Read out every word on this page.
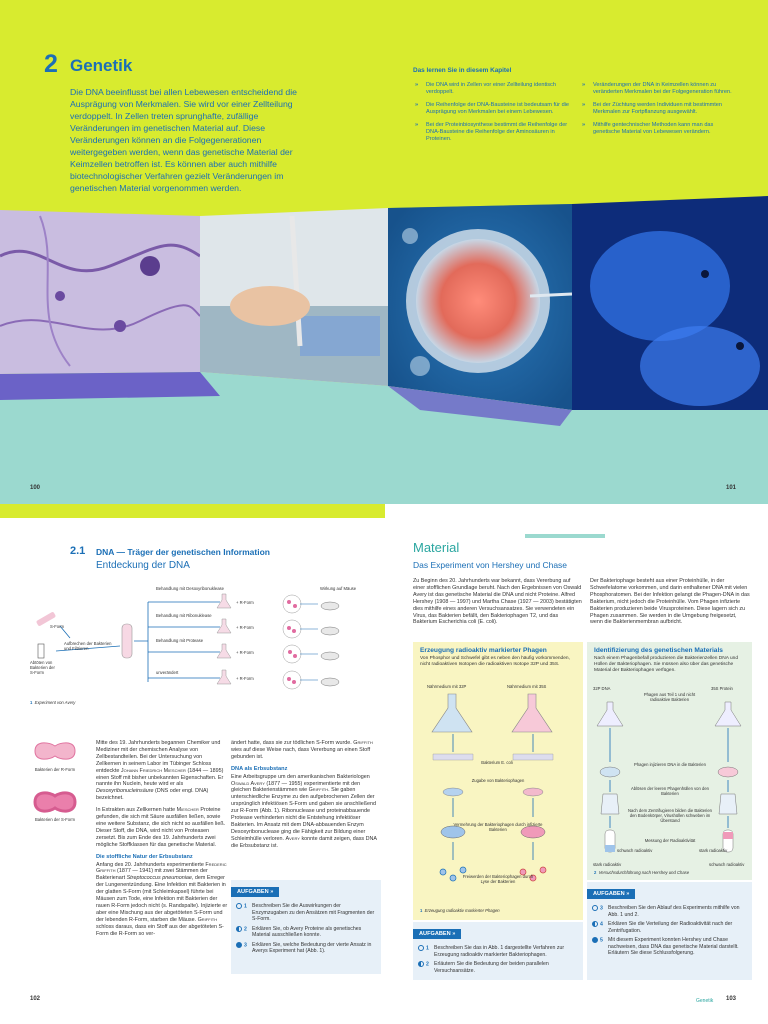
2 Genetik
Die DNA beeinflusst bei allen Lebewesen entscheidend die Ausprägung von Merkmalen. Sie wird vor einer Zellteilung verdoppelt. In Zellen treten sprunghafte, zufällige Veränderungen im genetischen Material auf. Diese Veränderungen können an die Folgegenerationen weitergegeben werden, wenn das genetische Material der Keimzellen betroffen ist. Es können aber auch mithilfe biotechnologischer Verfahren gezielt Veränderungen im genetischen Material vorgenommen werden.
Das lernen Sie in diesem Kapitel
» Die DNA wird in Zellen vor einer Zellteilung identisch verdoppelt.
» Die Reihenfolge der DNA-Bausteine ist bedeutsam für die Ausprägung von Merkmalen bei einem Lebewesen.
» Bei der Proteinbiosynthese bestimmt die Reihenfolge der DNA-Bausteine die Reihenfolge der Aminosäuren in Proteinen.
» Veränderungen der DNA in Keimzellen können zu veränderten Merkmalen bei der Folgegeneration führen.
» Bei der Züchtung werden Individuen mit bestimmten Merkmalen zur Fortpflanzung ausgewählt.
» Mithilfe gentechnischer Methoden kann man das genetische Material von Lebewesen verändern.
100	101
2.1 DNA — Träger der genetischen Information
Entdeckung der DNA
Behandlung mit Desoxyribonuklease
Behandlung mit Ribonuklease
Behandlung mit Protease
unverändert
+ R-Form
+ R-Form
+ R-Form
+ R-Form
Wirkung auf Mäuse
S-Form
Abtöten von Bakterien der S-Form
Aufbrechen der Bakterien und Filtrieren
1 Experiment von Avery
Bakterien der R-Form
Bakterien der S-Form

Mitte des 19. Jahrhunderts begannen Chemiker und Mediziner mit der chemischen Analyse von Zellbestandteilen. Bei der Untersuchung von Zellkernen in seinem Labor im Tübinger Schloss entdeckte Johann Friedrich Miescher (1844 — 1895) einen Stoff mit bisher unbekannten Eigenschaften. Er nannte ihn Nuclein, heute wird er als Desoxyribonucleinsäure (DNS oder engl. DNA) bezeichnet.

In Extrakten aus Zellkernen hatte Miescher Proteine gefunden, die sich mit Säure ausfällen ließen, sowie eine weitere Substanz, die sich nicht so ausfällen ließ. Dieser Stoff, die DNA, wird nicht von Proteasen zersetzt. Bis zum Ende des 19. Jahrhunderts zwei mögliche Stoffklassen für das genetische Material.

Die stoffliche Natur der Erbsubstanz

Anfang des 20. Jahrhunderts experimentierte Frederic Griffith (1877 — 1941) mit zwei Stämmen der Bakterienart Streptococcus pneumoniae, dem Erreger der Lungenentzündung. Eine Infektion mit Bakterien in der glatten S-Form (mit Schleimkapsel) führte bei Mäusen zum Tode, eine Infektion mit Bakterien der rauen R-Form jedoch nicht (s. Randspalte). Injizierte er aber eine Mischung aus der abgetöteten S-Form und der lebenden R-Form, starben die Mäuse. Griffith schloss daraus, dass ein Stoff aus der abgetöteten S-Form die R-Form so ver-

ändert hatte, dass sie zur tödlichen S-Form wurde. Griffith wies auf diese Weise nach, dass Vererbung an einen Stoff gebunden ist.

DNA als Erbsubstanz

Eine Arbeitsgruppe um den amerikanischen Bakteriologen Oswald Avery (1877 — 1955) experimentierte mit den gleichen Bakterienstämmen wie Griffith. Sie gaben unterschiedliche Enzyme zu den aufgebrochenen Zellen der ursprünglich infektiösen S-Form und gaben sie anschließend zur R-Form (Abb. 1). Ribonuclease und proteinabbauende Proteasе verhinderten nicht die Entstehung infektiöser Bakterien. Im Ansatz mit dem DNA-abbauenden Enzym Desoxyribonuclease ging die Fähigkeit zur Bildung einer Schleimhülle verloren. Avery konnte damit zeigen, dass DNA die Erbsubstanz ist.

AUFGABEN »
1 Beschreiben Sie die Auswirkungen der Enzymzugaben zu den Ansätzen mit Fragmenten der S-Form.
2 Erklären Sie, ob Avery Proteine als genetisches Material ausschließen konnte.
3 Erklären Sie, welche Bedeutung der vierte Ansatz in Averys Experiment hat (Abb. 1).
102
Material
Das Experiment von Hershey und Chase
Zu Beginn des 20. Jahrhunderts war bekannt, dass Vererbung auf einer stofflichen Grundlage beruht. Nach den Ergebnissen von Oswald Avery ist das genetische Material die DNA und nicht Proteine. Alfred Hershey (1908 — 1997) und Martha Chase (1927 — 2003) bestätigten dies mithilfe eines anderen Versuchsansatzes. Sie verwendeten ein Virus, das Bakterien befällt, den Bakteriophagen T2, und das Bakterium Escherichia coli (E. coli).
Der Bakteriophage besteht aus einer Proteinhülle, in der Schwefelatome vorkommen, und darin enthaltener DNA mit vielen Phosphoratomen. Bei der Infektion gelangt die Phagen-DNA in das Bakterium, nicht jedoch die Proteinhülle. Vom Phagen infizierte Bakterien produzieren beide Virusproteinen. Diese lagern sich zu Phagen zusammen. Sie werden in die Umgebung freigesetzt, wenn die Bakterienmembran aufbricht.
Erzeugung radioaktiv markierter Phagen
Von Phosphor und Schwefel gibt es neben den häufig vorkommenden, nicht radioaktiven Isotopen die radioaktiven Isotope 32P und 35S.
Nährmedium mit 32P	Nährmedium mit 35S
Bakterium E. coli
Zugabe von Bakteriophagen
Vermehrung der Bakteriophagen durch infizierte Bakterien
Freiwerden der Bakteriophagen durch Lyse der Bakterien
1 Erzeugung radioaktiv markierter Phagen
Identifizierung des genetischen Materials
Nach einem Phagenbefall produzieren die Bakterienzellen DNA und Hüllen der Bakteriophagen. Sie müssen also über das genetische Material der Bakteriophagen verfügen.
32P DNA	35S Protein
Phagen aus Teil 1 und nicht radioaktive Bakterien
Phagen injizieren DNA in die Bakterien
Ablösen der leeren Phagenhüllen von den Bakterien
Nach dem Zentrifugieren bilden die Bakterien den Bodenkörper, Virushüllen schweben im Überstand
Messung der Radioaktivität
schwach radioaktiv
stark radioaktiv
stark radioaktiv
schwach radioaktiv
2 Versuchsdurchführung nach Hershey und Chase
AUFGABEN »
1 Beschreiben Sie das in Abb. 1 dargestellte Verfahren zur Erzeugung radioaktiv markierter Bakteriophagen.
2 Erläutern Sie die Bedeutung der beiden parallelen Versuchsansätze.
AUFGABEN »
3 Beschreiben Sie den Ablauf des Experiments mithilfe von Abb. 1 und 2.
4 Erklären Sie die Verteilung der Radioaktivität nach der Zentrifugation.
5 Mit diesem Experiment konnten Hershey und Chase nachweisen, dass DNA das genetische Material darstellt. Erläutern Sie diese Schlussfolgerung.
Genetik 103
